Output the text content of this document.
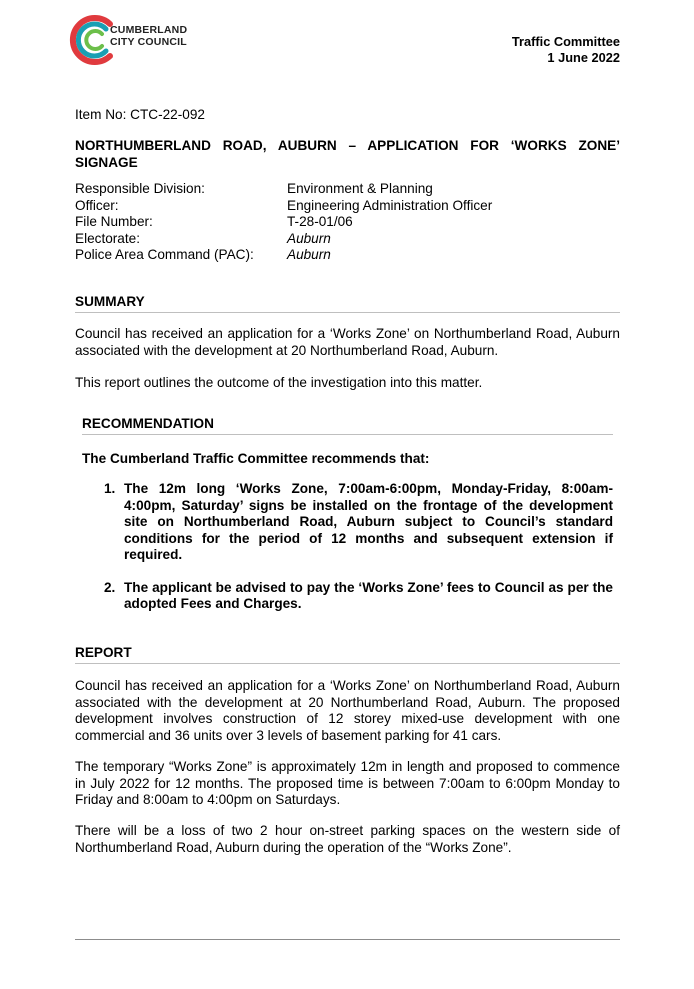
CUMBERLAND
CITY COUNCIL	Traffic Committee
1 June 2022
Item No: CTC-22-092
NORTHUMBERLAND ROAD, AUBURN – APPLICATION FOR ‘WORKS ZONE’ SIGNAGE
Responsible Division:	Environment & Planning
Officer:	Engineering Administration Officer
File Number:	T-28-01/06
Electorate:	Auburn
Police Area Command (PAC): Auburn
SUMMARY
Council has received an application for a ‘Works Zone’ on Northumberland Road, Auburn associated with the development at 20 Northumberland Road, Auburn.
This report outlines the outcome of the investigation into this matter.
RECOMMENDATION
The Cumberland Traffic Committee recommends that:
1. The 12m long ‘Works Zone, 7:00am-6:00pm, Monday-Friday, 8:00am-4:00pm, Saturday’ signs be installed on the frontage of the development site on Northumberland Road, Auburn subject to Council’s standard conditions for the period of 12 months and subsequent extension if required.
2. The applicant be advised to pay the ‘Works Zone’ fees to Council as per the adopted Fees and Charges.
REPORT
Council has received an application for a ‘Works Zone’ on Northumberland Road, Auburn associated with the development at 20 Northumberland Road, Auburn. The proposed development involves construction of 12 storey mixed-use development with one commercial and 36 units over 3 levels of basement parking for 41 cars.
The temporary “Works Zone” is approximately 12m in length and proposed to commence in July 2022 for 12 months. The proposed time is between 7:00am to 6:00pm Monday to Friday and 8:00am to 4:00pm on Saturdays.
There will be a loss of two 2 hour on-street parking spaces on the western side of Northumberland Road, Auburn during the operation of the “Works Zone”.
